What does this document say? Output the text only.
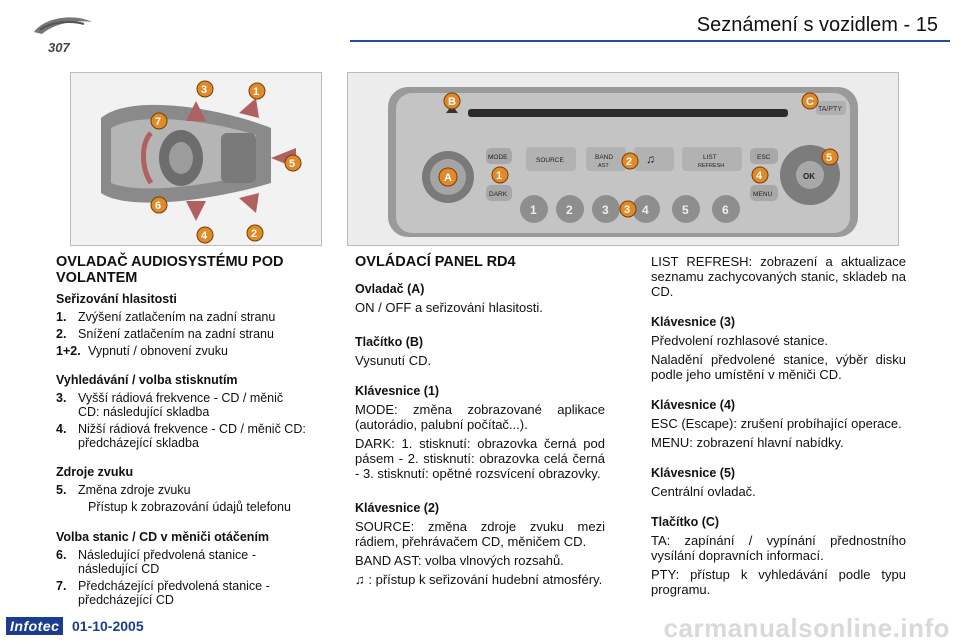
307
Seznámení s vozidlem - 15
3	1
7
5
6
4	2
TA/PTY
MODE
DARK
SOURCE	BAND
AST	♫	LIST
REFRESH
ESC
MENU
OK
1 2 3	4	5	6
B	C
A	1
2
3
4
5
OVLADAČ AUDIOSYSTÉMU POD VOLANTEM
Seřizování hlasitosti
1. Zvýšení zatlačením na zadní stranu
2. Snížení zatlačením na zadní stranu
1+2. Vypnutí / obnovení zvuku
Vyhledávání / volba stisknutím
3. Vyšší rádiová frekvence - CD / měnič CD: následující skladba
4. Nižší rádiová frekvence - CD / měnič CD: předcházející skladba
Zdroje zvuku
5. Změna zdroje zvuku
Přístup k zobrazování údajů telefonu
Volba stanic / CD v měniči otáčením
6. Následující předvolená stanice - následující CD
7. Předcházející předvolená stanice - předcházející CD
OVLÁDACÍ PANEL RD4
Ovladač (A)
ON / OFF a seřizování hlasitosti.
Tlačítko (B)
Vysunutí CD.
Klávesnice (1)
MODE: změna zobrazované aplikace (autorádio, palubní počítač...).
DARK: 1. stisknutí: obrazovka černá pod pásem - 2. stisknutí: obrazovka celá černá - 3. stisknutí: opětné rozsvícení obrazovky.
Klávesnice (2)
SOURCE: změna zdroje zvuku mezi rádiem, přehrávačem CD, měničem CD.
BAND AST: volba vlnových rozsahů.
♫ : přístup k seřizování hudební atmosféry.
LIST REFRESH: zobrazení a aktualizace seznamu zachycovaných stanic, skladeb na CD.
Klávesnice (3)
Předvolení rozhlasové stanice.
Naladění předvolené stanice, výběr disku podle jeho umístění v měniči CD.
Klávesnice (4)
ESC (Escape): zrušení probíhající operace.
MENU: zobrazení hlavní nabídky.
Klávesnice (5)
Centrální ovladač.
Tlačítko (C)
TA: zapínání / vypínání přednostního vysílání dopravních informací.
PTY: přístup k vyhledávání podle typu programu.
Infotec 01-10-2005	carmanualsonline.info
